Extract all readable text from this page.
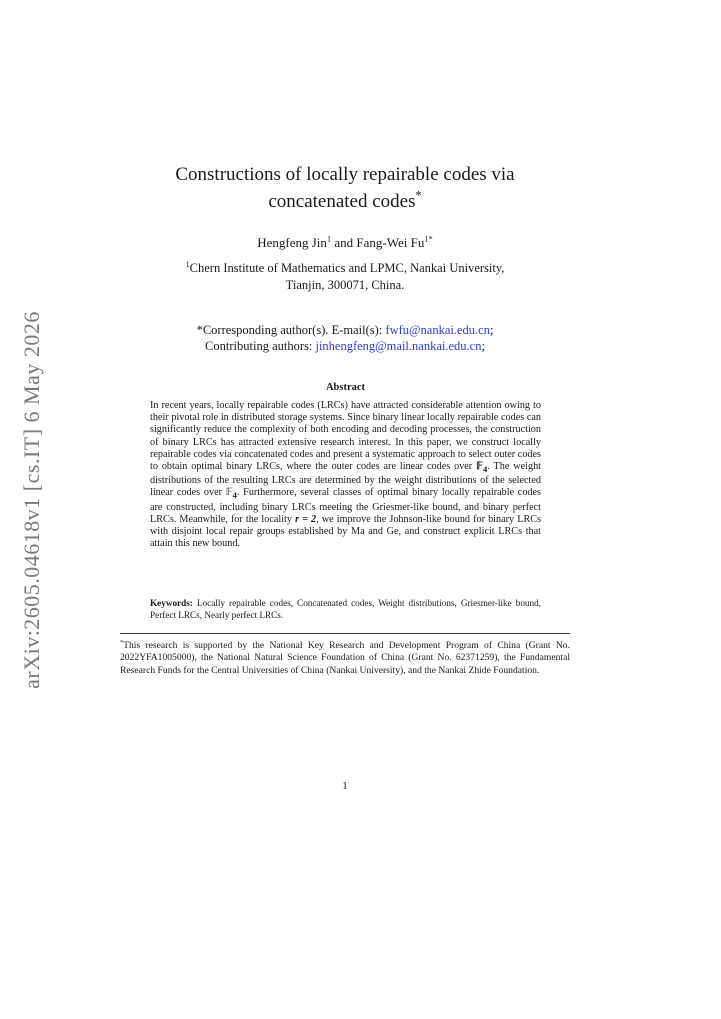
arXiv:2605.04618v1 [cs.IT] 6 May 2026
Constructions of locally repairable codes via
concatenated codes*
Hengfeng Jin$^1$ and Fang-Wei $Fu^{1*}$
$^1$Chern Institute of Mathematics and LPMC, Nankai University,
Tianjin, 300071, China.
*Corresponding author(s). E-mail(s): fwfu@nankai.edu.cn;
Contributing authors: jinhengfeng@mail.nankai.edu.cn;
Abstract
In recent years, locally repairable codes (LRCs) have attracted considerable attention owing to their pivotal role in distributed storage systems. Since binary linear locally repairable codes can significantly reduce the complexity of both encoding and decoding processes, the construction of binary LRCs has attracted extensive research interest. In this paper, we construct locally repairable codes via concatenated codes and present a systematic approach to select outer codes to obtain optimal binary LRCs, where the outer codes are linear codes over 𝔽$_4$. The weight distributions of the resulting LRCs are determined by the weight distributions of the selected linear codes over 𝔽$_4$. Furthermore, several classes of optimal binary locally repairable codes are constructed, including binary LRCs meeting the Griesmer-like bound, and binary perfect LRCs. Meanwhile, for the locality r = 2, we improve the Johnson-like bound for binary LRCs with disjoint local repair groups established by Ma and Ge, and construct explicit LRCs that attain this new bound.
Keywords: Locally repairable codes, Concatenated codes, Weight distributions, Griesmer-like bound, Perfect LRCs, Nearly perfect LRCs.
*This research is supported by the National Key Research and Development Program of China (Grant No. 2022YFA1005000), the National Natural Science Foundation of China (Grant No. 62371259), the Fundamental Research Funds for the Central Universities of China (Nankai University), and the Nankai Zhide Foundation.
1
